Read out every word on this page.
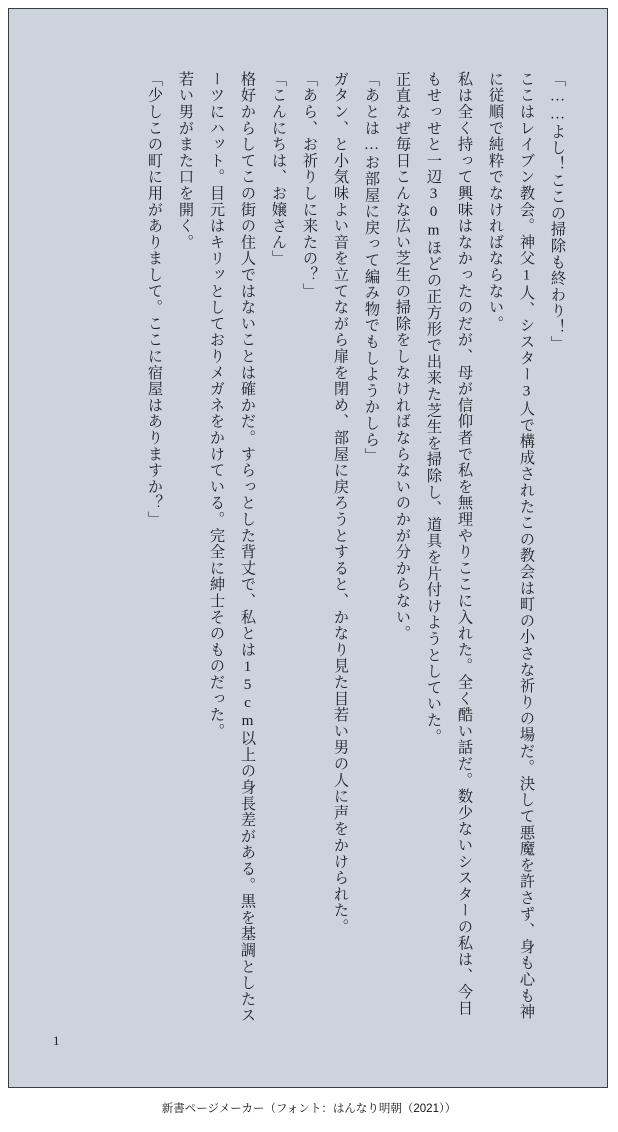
「……よし！ここの掃除も終わり！」

ここはレイブン教会。神父1人、シスター3人で構成されたこの教会は町の小さな祈りの場だ。決して悪魔を許さず、身も心も神に従順で純粋でなければならない。

私は全く持って興味はなかったのだが、母が信仰者で私を無理やりここに入れた。全く酷い話だ。数少ないシスターの私は、今日もせっせと一辺30mほどの正方形で出来た芝生を掃除し、道具を片付けようとしていた。

正直なぜ毎日こんな広い芝生の掃除をしなければならないのかが分からない。

「あとは…お部屋に戻って編み物でもしようかしら」

ガタン、と小気味よい音を立てながら扉を閉め、部屋に戻ろうとすると、かなり見た目若い男の人に声をかけられた。

「あら、お祈りしに来たの？」

「こんにちは、お嬢さん」

格好からしてこの街の住人ではないことは確かだ。すらっとした背丈で、私とは15cm以上の身長差がある。黒を基調としたスーツにハット。目元はキリッとしておりメガネをかけている。完全に紳士そのものだった。

若い男がまた口を開く。

「少しこの町に用がありまして。ここに宿屋はありますか？」

1
新書ページメーカー（フォント：はんなり明朝（2021））
